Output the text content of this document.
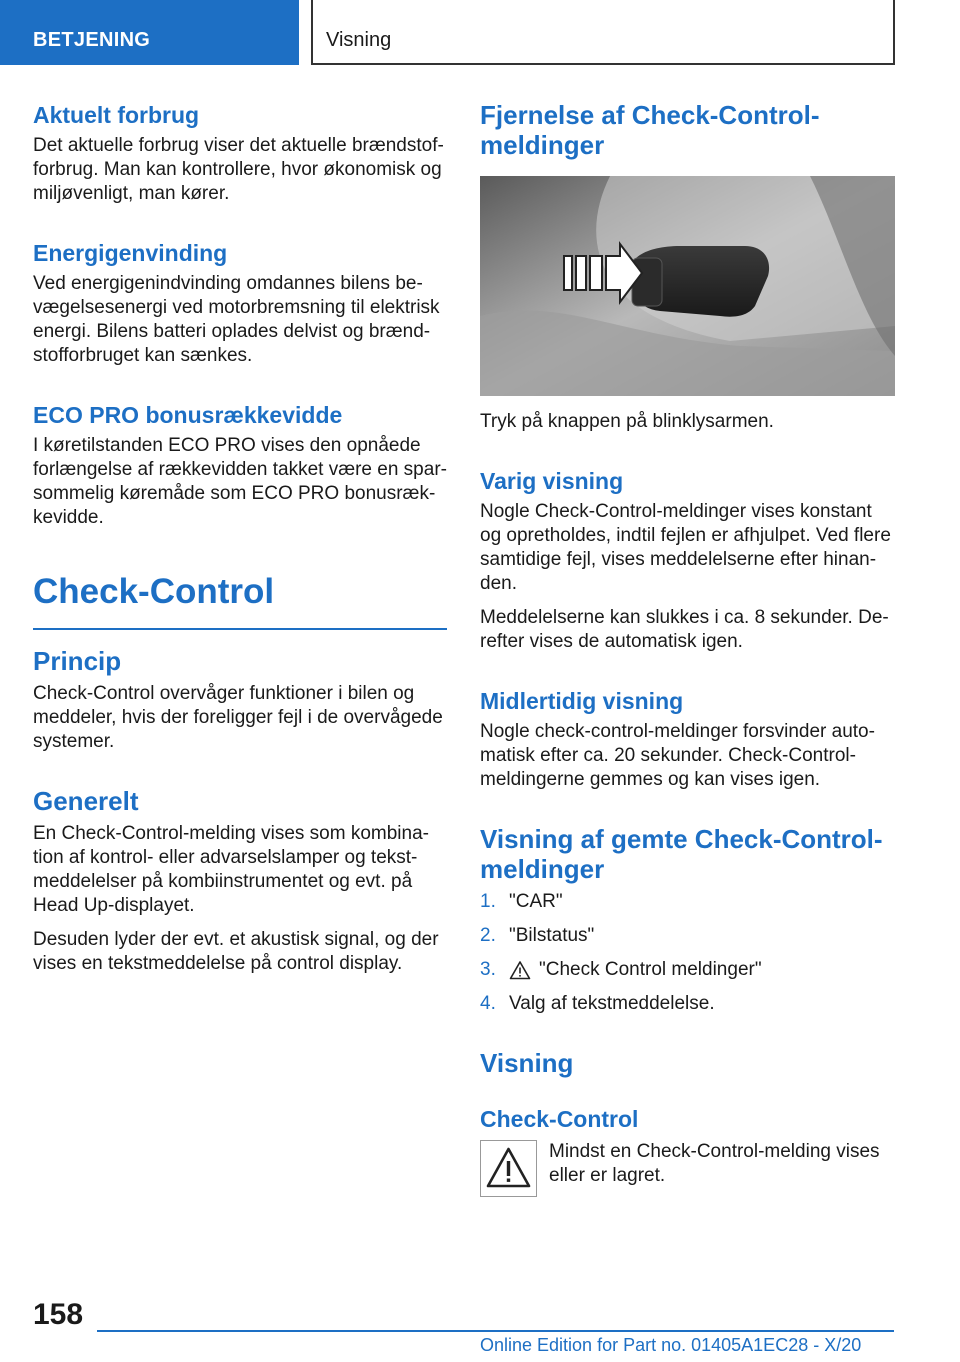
BETJENING	Visning
Aktuelt forbrug

Det aktuelle forbrug viser det aktuelle brændstof-forbrug. Man kan kontrollere, hvor økonomisk og miljøvenligt, man kører.

Energigenvinding

Ved energigenindvinding omdannes bilens be-vægelsesenergi ved motorbremsning til elektrisk energi. Bilens batteri oplades delvist og brænd-stofforbruget kan sænkes.

ECO PRO bonusrækkevidde

I køretilstanden ECO PRO vises den opnåede forlængelse af rækkevidden takket være en spar-sommelig køremåde som ECO PRO bonusræk-kevidde.

Check-Control
Princip

Check-Control overvåger funktioner i bilen og meddeler, hvis der foreligger fejl i de overvågede systemer.

Generelt

En Check-Control-melding vises som kombina-tion af kontrol- eller advarselslamper og tekst-meddelelser på kombiinstrumentet og evt. på Head Up-displayet.

Desuden lyder der evt. et akustisk signal, og der vises en tekstmeddelelse på control display.

Fjernelse af Check-Control-meldinger

Tryk på knappen på blinklysarmen.

Varig visning

Nogle Check-Control-meldinger vises konstant og opretholdes, indtil fejlen er afhjulpet. Ved flere samtidige fejl, vises meddelelserne efter hinan-den.

Meddelelserne kan slukkes i ca. 8 sekunder. De-refter vises de automatisk igen.

Midlertidig visning

Nogle check-control-meldinger forsvinder auto-matisk efter ca. 20 sekunder. Check-Control-meldingerne gemmes og kan vises igen.

Visning af gemte Check-Control-meldinger
1. "CAR"
2. "Bilstatus"
3.	"Check Control meldinger"
4. Valg af tekstmeddelelse.
Visning
Check-Control

Mindst en Check-Control-melding vises eller er lagret.

158
Online Edition for Part no. 01405A1EC28 - X/20
